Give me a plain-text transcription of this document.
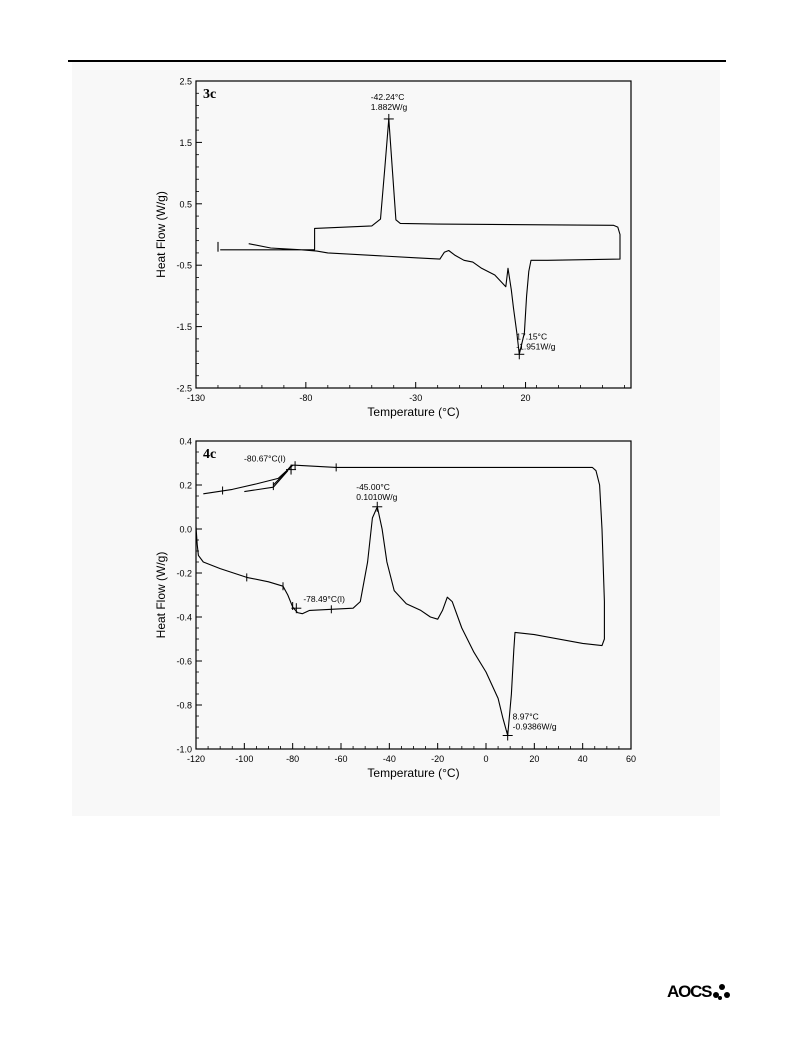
2.5
1.5
0.5
-0.5
-1.5
-2.5
-130	-80	-30	20
Temperature (°C)
Heat Flow (W/g)
3c	-42.24°C
1.882W/g
17.15°C
-1.951W/g
0.4
0.2
0.0
-0.2
-0.4
-0.6
-0.8
-1.0
-120	-100	-80	-60	-40	-20	0	20	40	60
Temperature (°C)
Heat Flow (W/g)
4c	-80.67°C(I)
-45.00°C
0.1010W/g
-78.49°C(I)
8.97°C
-0.9386W/g
AOCS
